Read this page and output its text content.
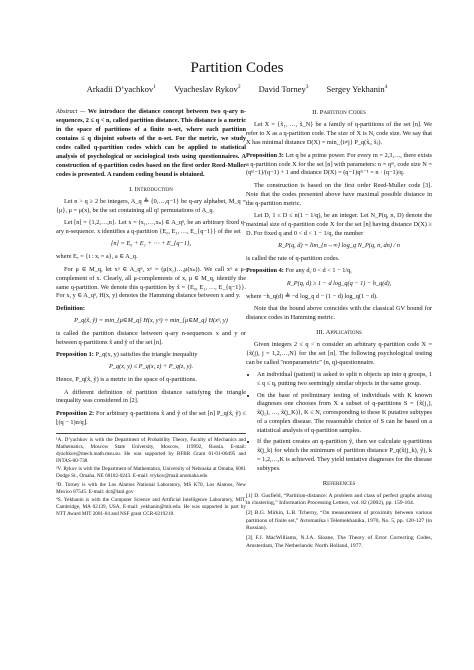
Partition Codes
Arkadii D’yachkov$^1$ Vyacheslav Rykov$^2$ David Torney$^3$ Sergey Yekhanin$^4$

Abstract — We introduce the distance concept between two q-ary n-sequences, 2 ≤ q < n, called partition distance. This distance is a metric in the space of partitions of a finite n-set, where each partition contains ≤ q disjoint subsets of the n-set. For the metric, we study codes called q-partition codes which can be applied to statistical analysis of psychological or sociological tests using questionnaires. A construction of q-partition codes based on the first order Reed-Muller codes is presented. A random coding bound is obtained.

I. Introduction

Let n > q ≥ 2 be integers, A_q ≜ {0,…,q−1} be q-ary alphabet, M_q = {μ}, μ = μ(x), be the set containing all q! permutations of A_q.

Let [n] = {1,2,…,n}. Let x = (x₁,…,xₙ) ∈ A_qⁿ, be an arbitrary fixed q-ary n-sequence. x identifies a q-partition {E₀, E₁, …, E_{q−1}} of the set

[n] = E₀ + E₁ + ⋯ + E_{q−1},

where Eₓ = {i : xᵢ = a}, a ∈ A_q.

For μ ∈ M_q, let xᵘ ∈ A_qⁿ, xᵘ = (μ(x₁)…,μ(xₙ)). We call xᵘ a μ-complement of x. Clearly, all μ-complements of x, μ ∈ M_q, identify the same q-partition. We denote this q-partition by x̃ = {E₀, E₁, …, E_{q−1}}. For x, y ∈ A_qⁿ, H(x, y) denotes the Hamming distance between x and y.

Definition:
P_q(x̃, ỹ) = min_{μ∈M_q} H(x, yᵘ) = min_{μ∈M_q} H(xᵘ, y)

is called the partition distance between q-ary n-sequences x and y or between q-partitions x̃ and ỹ of the set [n].

Proposition 1: P_q(x, y) satisfies the triangle inequality

P_q(x, y) ≤ P_q(x, z) + P_q(z, y).

Hence, P_q(x̃, ỹ) is a metric in the space of q-partitions.

A different definition of partition distance satisfying the triangle inequality was considered in [2].

Proposition 2: For arbitrary q-partitions x̃ and ỹ of the set [n] P_q(x̃, ỹ) ≤ ⌊(q − 1)n/q⌋.

¹A. D’yachkov is with the Department of Probability Theory, Faculty of Mechanics and Mathematics, Moscow State University, Moscow, 119992, Russia. E-mail: dyachkov@mech.math.msu.su. He was supported by RFBR Grant 01-01-00495 and INTAS-00-738.

²V. Rykov is with the Department of Mathematics, University of Nebraska at Omaha, 6001 Dodge St., Omaha, NE 68182-0243. E-mail: vrykov@mail.unomaha.edu

³D. Torney is with the Los Alamos National Laboratory, MS K70, Los Alamos, New Mexico 87545. E-mail: dct@lanl.gov

⁴S. Yekhanin is with the Computer Science and Artificial Intelligence Laboratory, MIT, Cambridge, MA 02139, USA. E-mail: yekhanin@mit.edu. He was supported in part by NTT Award MIT 2001-04 and NSF grant CCR-0219218.

II. Partition Codes

Let X = {x̃₁, …, x̃_N} be a family of q-partitions of the set [n]. We refer to X as a q-partition code. The size of X is N, code size. We say that X has minimal distance D(X) = min_{i≠j} P_q(x̃ᵢ, x̃ⱼ).

Proposition 3: Let q be a prime power. For every m = 2,3,…, there exists a q-partition code X for the set [n] with parameters: n = qᵐ, code size N = (qᵐ−1)/(q−1) + 1 and distance D(X) = (q−1)qᵐ⁻¹ = n · (q−1)/q.

The construction is based on the first order Reed-Muller code [3]. Note that the codes presented above have maximal possible distance in the q-partition metric.

Let D, 1 ≤ D ≤ n(1 − 1/q), be an integer. Let N_P(q, n, D) denote the maximal size of q-partition code X for the set [n] having distance D(X) ≥ D. For fixed q and 0 < d < 1 − 1/q, the number

R_P(q, d) = lim_{n→∞} log_q N_P(q, n, dn) / n

is called the rate of q-partition codes.

Proposition 4: For any d, 0 < d < 1 − 1/q,

R_P(q, d) ≥ 1 − d log_q(q − 1) − h_q(d),

where −h_q(d) ≜ −d log_q d − (1 − d) log_q(1 − d).

Note that the bound above coincides with the classical GV bound for distance codes in Hamming metric.

III. Applications

Given integers 2 ≤ q < n consider an arbitrary q-partition code X = {x̃(j), j = 1,2,…,N} for the set [n]. The following psychological testing can be called "nonparametric" (n, q)-questionnaire.

• An individual (patient) is asked to split n objects up into q groups, 1 ≤ q ≤ q, putting two seemingly similar objects in the same group.
• On the base of preliminary testing of individuals with K known diagnoses one chooses from X a subset of q-partitions S = {x̃(j₁), x̃(j₂), …, x̃(j_K)}, K ≤ N, corresponding to these K putative subtypes of a complex disease. The reasonable choice of S can be based on a statistical analysis of q-partition samples.
• If the patient creates an q-partition ỹ, then we calculate q-partitions x̃(j_k) for which the minimum of partition distance P_q(x̃(j_k), ỹ), k = 1,2,…,K is achieved. They yield tentative diagnoses for the disease subtypes.
References

[1] D. Gusfield, “Partition-distance: A problem and class of perfect graphs arising in clustering,” Information Processing Letters, vol. 82 (2002), pp. 159-164.

[2] B.G. Mirkin, L.B. Tcherny, “On measurement of proximity between various partitions of finite set,” Avtomatika i Telemekhanika, 1970, No. 5, pp. 120-127 (in Russian).

[3] F.J. MacWilliams, N.J.A. Sloane, The Theory of Error Correcting Codes, Amsterdam, The Netherlands: North Holland, 1977.
